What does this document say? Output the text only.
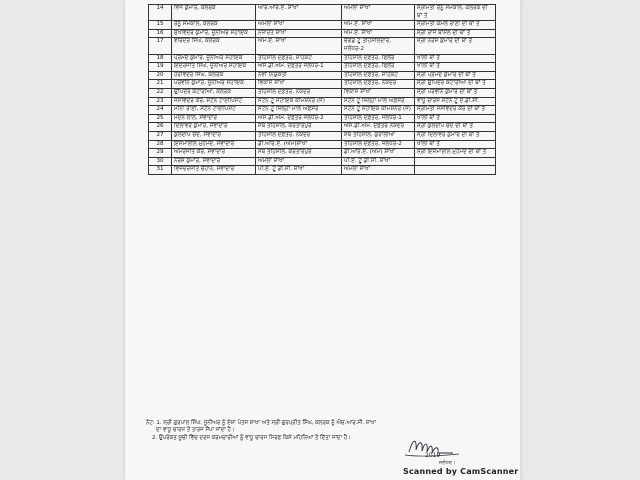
14	ਵਿਜੇ ਕੁਮਾਰ, ਕਲਰਕ	ਆਰ.ਆਰ.ਏ. ਸ਼ਾਖਾ	ਅਮਲਾ ਸ਼ਾਖਾ	ਸ੍ਰੀਮਤੀ ਰੈਨੂ ਸਮਕਾਲ, ਕਲਰਕ ਦੀ ਥਾਂ ਤੇ
15	ਰੈਨੂ ਸਮਕਾਲ, ਕਲਰਕ	ਅਮਲਾ ਸ਼ਾਖਾ	ਐਮ.ਏ. ਸ਼ਾਖਾ	ਸ੍ਰੀਮਤੀ ਕਮਲ ਰਾਣੀ ਦੀ ਥਾਂ ਤੇ
16	ਸੁਖਵਿੰਦਰ ਕੁਮਾਰ, ਜੂਨੀਅਰ ਸਹਾਇਕ	ਨਜ਼ਾਰਤ ਸ਼ਾਖਾ	ਐਮ.ਏ. ਸ਼ਾਖਾ	ਸ੍ਰੀ ਰਾਜੇ ਬਾਂਸਲ ਦੀ ਥਾਂ ਤੇ
17	ਵਰਿੰਦਰ ਸਿੰਘ, ਕਲਰਕ	ਐਮ.ਏ. ਸ਼ਾਖਾ	ਚੌਗਡ ਟੂ ਤਹਿਸੀਲਦਾਰ, ਜਲੰਧਰ-2	ਸ੍ਰੀ ਨਰੇਸ਼ ਕੁਮਾਰ ਦੀ ਥਾਂ ਤੇ
18	ਪ੍ਰਮੋਦ ਕੁਮਾਰ, ਜੂਨੀਅਰ ਸਹਾਇਕ	ਤਹਿਸੀਲ ਦਫ਼ਤਰ, ਸ਼ਾਹਕੋਟ	ਤਹਿਸੀਲ ਦਫ਼ਤਰ, ਫਿਲੌਰ	ਖਾਲੀ ਥਾਂ ਤੇ
19	ਇੰਦਰਜੀਤ ਸਿੰਘ, ਜੂਨੀਅਰ ਸਹਾਇਕ	ਐਸ.ਡੀ.ਐਮ. ਦਫ਼ਤਰ ਜਲੰਧਰ-1	ਤਹਿਸੀਲ ਦਫ਼ਤਰ, ਫਿਲੌਰ	ਖਾਲੀ ਥਾਂ ਤੇ
20	ਹਰਵਿੰਦਰ ਸਿੰਘ, ਕਲਰਕ	ਨਵੀਂ ਨਿਯੁਕਤੀ	ਤਹਿਸੀਲ ਦਫ਼ਤਰ, ਸ਼ਾਹਕੋਟ	ਸ੍ਰੀ ਪ੍ਰਮੋਦ ਕੁਮਾਰ ਦੀ ਥਾਂ ਤੇ
21	ਪਰਵੀਨ ਕੁਮਾਰ, ਜੂਨੀਅਰ ਸਹਾਇਕ	ਵਿਕਾਸ ਸ਼ਾਖਾ	ਤਹਿਸੀਲ ਦਫ਼ਤਰ, ਨਕੋਦਰ	ਸ੍ਰੀ ਉਪਿੰਦਰ ਕਟਾਰੀਆ ਦੀ ਥਾਂ ਤੇ
22	ਉਪਿੰਦਰ ਕਟਾਰੀਆ, ਕਲਰਕ	ਤਹਿਸੀਲ ਦਫ਼ਤਰ, ਨਕੋਦਰ	ਵਿਕਾਸ ਸ਼ਾਖਾ	ਸ੍ਰੀ ਪਰਵੀਨ ਕੁਮਾਰ ਦੀ ਥਾਂ ਤੇ
23	ਜਸਵਿੰਦਰ ਕੌਰ, ਸਟੈਨੋ ਟਾਈਪਿਸਟ	ਸਟੈਨੋ ਟੂ ਸਹਾਇਕ ਕਮਿਸ਼ਨਰ (ਜ)	ਸਟੈਨੋ ਟੂ ਜ਼ਿਲ੍ਹਾ ਮਾਲ ਅਫ਼ਸਰ	ਵਾਧੂ ਚਾਰਜ ਸਟੈਨੋ ਟੂ ਏ.ਡੀ.ਸੀ.
24	ਮੀਨਾ ਰਾਣੀ, ਸਟੈਨੋ ਟਾਈਪਿਸਟ	ਸਟੈਨੋ ਟੂ ਜ਼ਿਲ੍ਹਾ ਮਾਲ ਅਫ਼ਸਰ	ਸਟੈਨੋ ਟੂ ਸਹਾਇਕ ਕਮਿਸ਼ਨਰ (ਜ)	ਸ੍ਰੀਮਤੀ ਜਸਵਿੰਦਰ ਕੌਰ ਦੀ ਥਾਂ ਤੇ
25	ਮਦਨ ਲਾਲ, ਸੇਵਾਦਾਰ	ਐਸ.ਡੀ.ਐਮ. ਦਫ਼ਤਰ ਜਲੰਧਰ-2	ਤਹਿਸੀਲ ਦਫ਼ਤਰ, ਜਲੰਧਰ-1	ਖਾਲੀ ਥਾਂ ਤੇ
26	ਦਿਲਾਵਰ ਕੁਮਾਰ, ਸੇਵਾਦਾਰ	ਸਬ ਤਹਿਸੀਲ, ਕਰਤਾਰਪੁਰ	ਐਸ.ਡੀ.ਐਮ. ਦਫ਼ਤਰ ਨਕੋਦਰ	ਸ੍ਰੀ ਕੁਲਦੀਪ ਚੰਦ ਦੀ ਥਾਂ ਤੇ
27	ਕੁਲਦੀਪ ਚੰਦ, ਸੇਵਾਦਾਰ	ਤਹਿਸੀਲ ਦਫ਼ਤਰ, ਨਕੋਦਰ	ਸਬ ਤਹਿਸੀਲ, ਕੁਰਾਲੀਆ	ਸ੍ਰੀ ਦਿਲਾਵਰ ਕੁਮਾਰ ਦੀ ਥਾਂ ਤੇ
28	ਇਸਮਾਈਲ ਮੁਹੰਮਦ, ਸੇਵਾਦਾਰ	ਡੀ.ਆਰ.ਏ. (ਐਮ)ਸ਼ਾਖਾ	ਤਹਿਸੀਲ ਦਫ਼ਤਰ, ਜਲੰਧਰ-2	ਖਾਲੀ ਥਾਂ ਤੇ
29	ਅਮਰਜੀਤ ਕੌਰ, ਸੇਵਾਦਾਰ	ਸਬ ਤਹਿਸੀਲ, ਕਰਤਾਰਪੁਰ	ਡੀ.ਆਰ.ਏ. (ਐਮ) ਸ਼ਾਖਾ	ਸ੍ਰੀ ਇਸਮਾਈਲ ਮੁਹੰਮਦ ਦੀ ਥਾਂ ਤੇ
30	ਨਰੇਸ਼ ਕੁਮਾਰ, ਸੇਵਾਦਾਰ	ਅਮਲਾ ਸ਼ਾਖਾ	ਪੀ.ਏ. ਟੂ ਡੀ.ਸੀ. ਸ਼ਾਖਾ	
31	ਵਿਜੇਦਰਜੀਤ ਚੌਹਾਨ, ਸੇਵਾਦਾਰ	ਪੀ.ਏ. ਟੂ ਡੀ.ਸੀ. ਸ਼ਾਖਾ	ਅਮਲਾ ਸ਼ਾਖਾ	

ਨੋਟ: 1. ਸ੍ਰੀ ਗੁਰਪਾਲ ਸਿੰਘ, ਜੂਨੀਅਰ ਨੂੰ ਏਸ਼ਾ ਪੋਤਸ ਸ਼ਾਖਾ ਅਤੇ ਸ੍ਰੀ ਗੁਰਪ੍ਰੀਤ ਸਿੰਘ, ਕਲਰਕ ਨੂੰ ਐਚ.ਆਰ.ਸੀ. ਸ਼ਾਖਾ

ਦਾ ਵਾਧੂ ਚਾਰਜ ਤੋਂ ਤਾਰਜ ਸੌਂਪਾ ਜਾਂਦਾ ਹੈ।

2. ਉਪਰੋਕਤ ਸੂਚੀ ਵਿੱਚ ਦਰਜ ਕਰਮਚਾਰੀਆਂ ਨੂੰ ਵਾਧੂ ਚਾਰਜ ਸਿਰਫ ਕਿਸੇ ਮਹਿਨਿਆਂ ਤੋਂ ਦਿੱਤਾ ਜਾਂਦਾ ਹੈ।

2019
ਜਲੰਧਰ।
Scanned by CamScanner
